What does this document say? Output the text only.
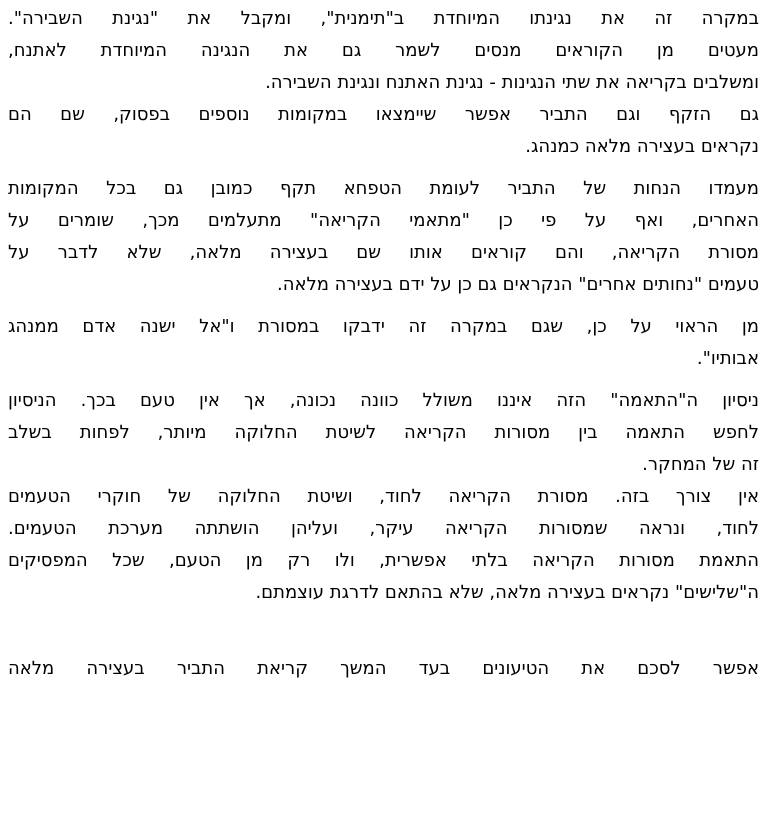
במקרה זה את נגינתו המיוחדת ב"תימנית", ומקבל את "נגינת השבירה".
מעטים מן הקוראים מנסים לשמר גם את הנגינה המיוחדת לאתנח,
ומשלבים בקריאה את שתי הנגינות - נגינת האתנח ונגינת השבירה.

גם הזקף וגם התביר אפשר שיימצאו במקומות נוספים בפסוק, שם הם
נקראים בעצירה מלאה כמנהג.

מעמדו הנחות של התביר לעומת הטפחא תקף כמובן גם בכל המקומות
האחרים, ואף על פי כן "מתאמי הקריאה" מתעלמים מכך, שומרים על
מסורת הקריאה, והם קוראים אותו שם בעצירה מלאה, שלא לדבר על
טעמים "נחותים אחרים" הנקראים גם כן על ידם בעצירה מלאה.

מן הראוי על כן, שגם במקרה זה ידבקו במסורת ו"אל ישנה אדם ממנהג
אבותיו".

ניסיון ה"התאמה" הזה איננו משולל כוונה נכונה, אך אין טעם בכך. הניסיון
לחפש התאמה בין מסורות הקריאה לשיטת החלוקה מיותר, לפחות בשלב
זה של המחקר.

אין צורך בזה. מסורת הקריאה לחוד, ושיטת החלוקה של חוקרי הטעמים
לחוד, ונראה שמסורות הקריאה עיקר, ועליהן הושתתה מערכת הטעמים.
התאמת מסורות הקריאה בלתי אפשרית, ולו רק מן הטעם, שכל המפסיקים
ה"שלישים" נקראים בעצירה מלאה, שלא בהתאם לדרגת עוצמתם.

אפשר לסכם את הטיעונים בעד המשך קריאת התביר בעצירה מלאה
